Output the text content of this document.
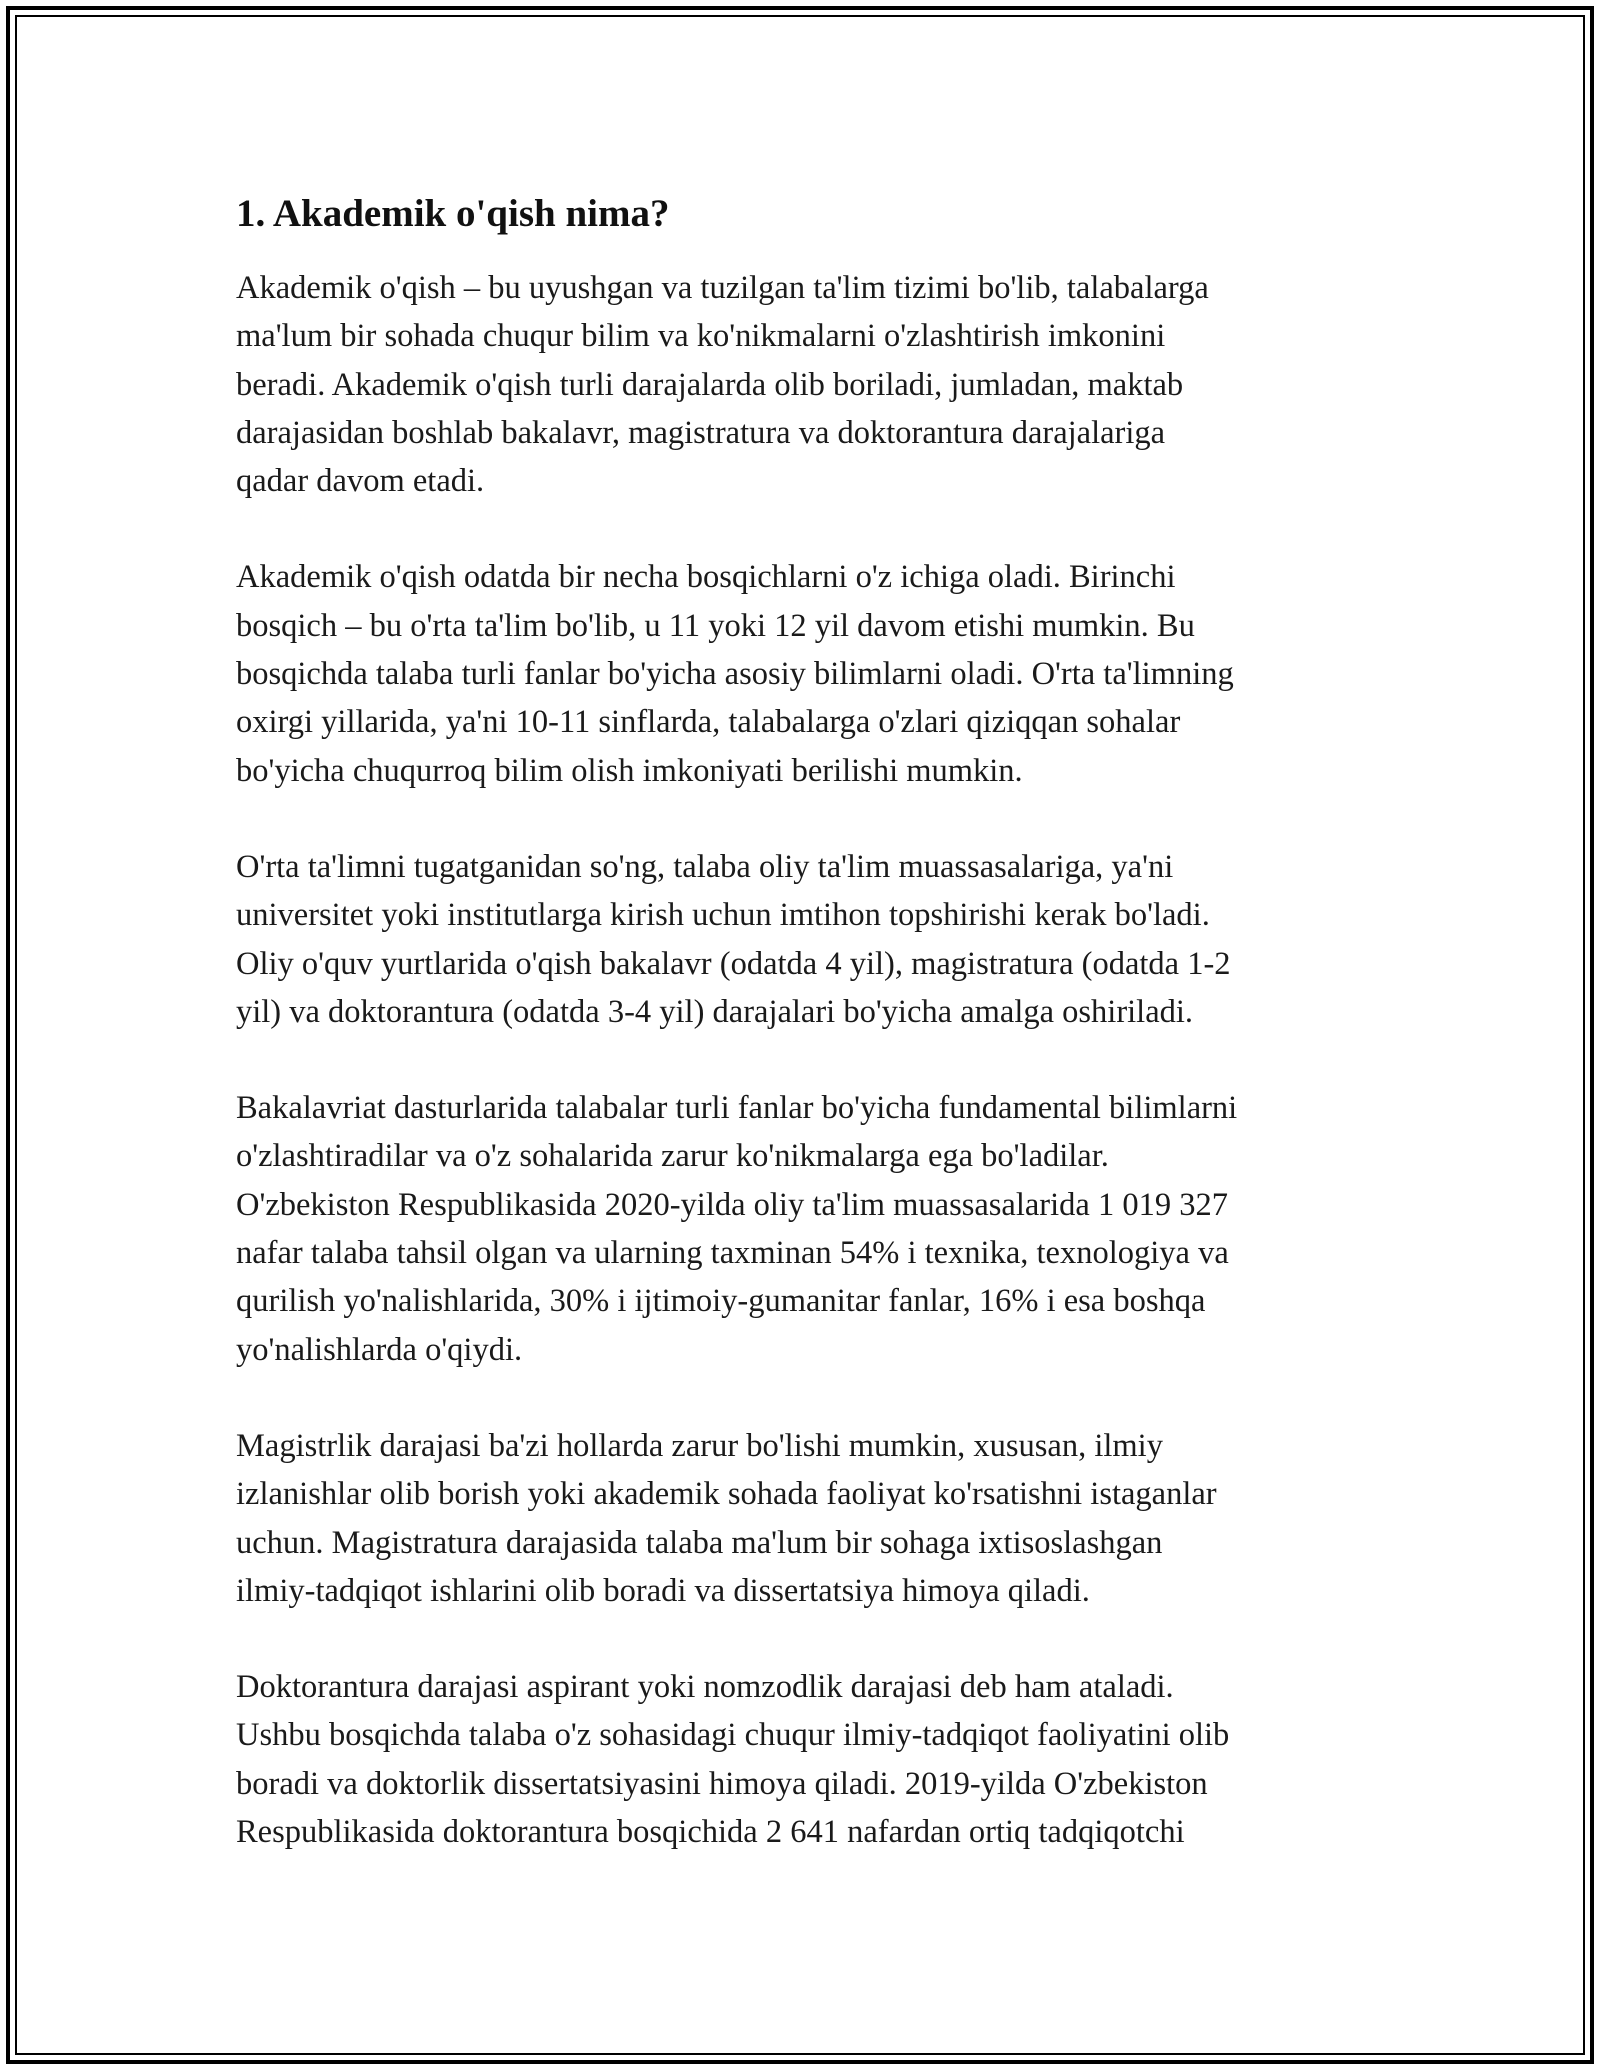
1. Akademik o'qish nima?

Akademik o'qish – bu uyushgan va tuzilgan ta'lim tizimi bo'lib, talabalarga
ma'lum bir sohada chuqur bilim va ko'nikmalarni o'zlashtirish imkonini
beradi. Akademik o'qish turli darajalarda olib boriladi, jumladan, maktab
darajasidan boshlab bakalavr, magistratura va doktorantura darajalariga
qadar davom etadi.

Akademik o'qish odatda bir necha bosqichlarni o'z ichiga oladi. Birinchi
bosqich – bu o'rta ta'lim bo'lib, u 11 yoki 12 yil davom etishi mumkin. Bu
bosqichda talaba turli fanlar bo'yicha asosiy bilimlarni oladi. O'rta ta'limning
oxirgi yillarida, ya'ni 10-11 sinflarda, talabalarga o'zlari qiziqqan sohalar
bo'yicha chuqurroq bilim olish imkoniyati berilishi mumkin.

O'rta ta'limni tugatganidan so'ng, talaba oliy ta'lim muassasalariga, ya'ni
universitet yoki institutlarga kirish uchun imtihon topshirishi kerak bo'ladi.
Oliy o'quv yurtlarida o'qish bakalavr (odatda 4 yil), magistratura (odatda 1-2
yil) va doktorantura (odatda 3-4 yil) darajalari bo'yicha amalga oshiriladi.

Bakalavriat dasturlarida talabalar turli fanlar bo'yicha fundamental bilimlarni
o'zlashtiradilar va o'z sohalarida zarur ko'nikmalarga ega bo'ladilar.
O'zbekiston Respublikasida 2020-yilda oliy ta'lim muassasalarida 1 019 327
nafar talaba tahsil olgan va ularning taxminan 54% i texnika, texnologiya va
qurilish yo'nalishlarida, 30% i ijtimoiy-gumanitar fanlar, 16% i esa boshqa
yo'nalishlarda o'qiydi.

Magistrlik darajasi ba'zi hollarda zarur bo'lishi mumkin, xususan, ilmiy
izlanishlar olib borish yoki akademik sohada faoliyat ko'rsatishni istaganlar
uchun. Magistratura darajasida talaba ma'lum bir sohaga ixtisoslashgan
ilmiy-tadqiqot ishlarini olib boradi va dissertatsiya himoya qiladi.

Doktorantura darajasi aspirant yoki nomzodlik darajasi deb ham ataladi.
Ushbu bosqichda talaba o'z sohasidagi chuqur ilmiy-tadqiqot faoliyatini olib
boradi va doktorlik dissertatsiyasini himoya qiladi. 2019-yilda O'zbekiston
Respublikasida doktorantura bosqichida 2 641 nafardan ortiq tadqiqotchi
